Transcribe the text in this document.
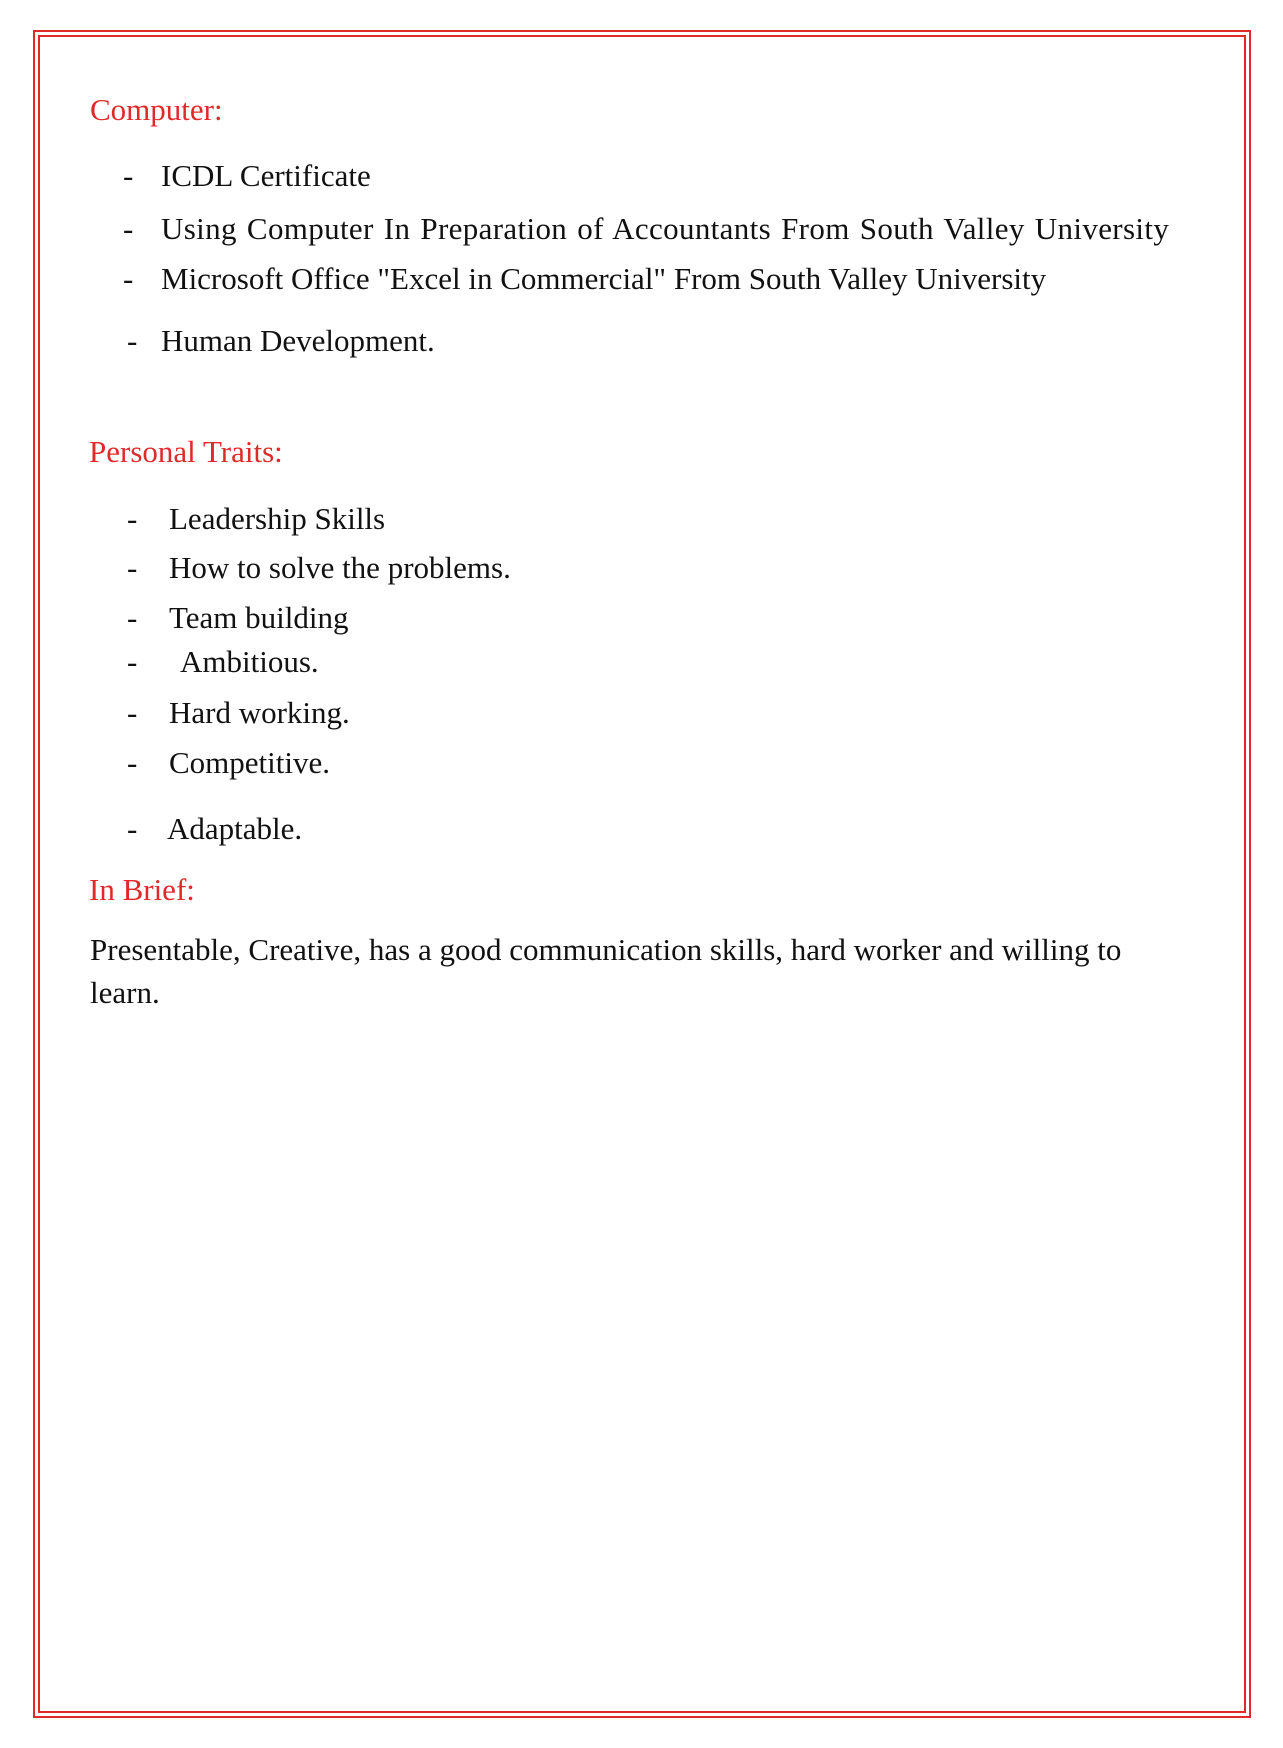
Computer:
- ICDL Certificate
- Using Computer In Preparation of Accountants From South Valley University
- Microsoft Office "Excel in Commercial" From South Valley University
- Human Development.
Personal Traits:
- Leadership Skills
- How to solve the problems.
- Team building
- Ambitious.
- Hard working.
- Competitive.
- Adaptable.
In Brief:
Presentable, Creative, has a good communication skills, hard worker and willing to learn.
